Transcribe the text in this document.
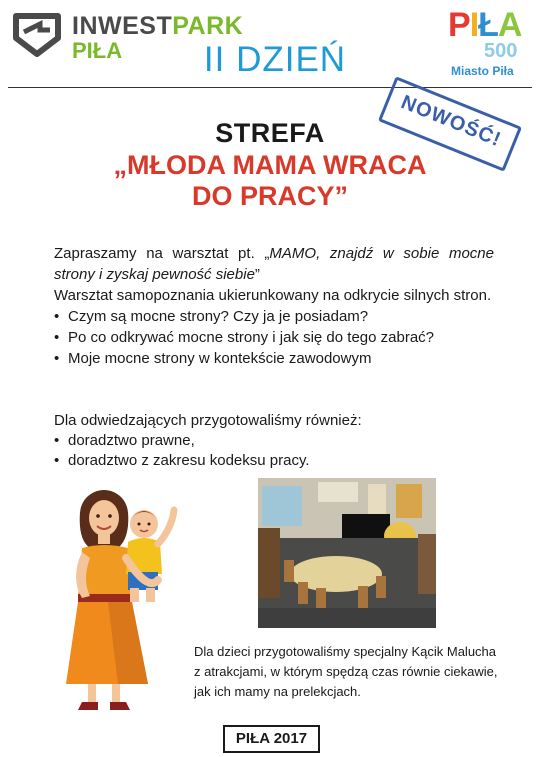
INWESTPARK
PIŁA	II DZIEŃ
PIŁA
500
Miasto Piła
NOWOŚĆ!
STREFA
„MŁODA MAMA WRACA
DO PRACY”

Zapraszamy na warsztat pt. „MAMO, znajdź w sobie mocne strony i zyskaj pewność siebie”

Warsztat samopoznania ukierunkowany na odkrycie silnych stron.

• Czym są mocne strony? Czy ja je posiadam?
• Po co odkrywać mocne strony i jak się do tego zabrać?
• Moje mocne strony w kontekście zawodowym

Dla odwiedzających przygotowaliśmy również:

• doradztwo prawne,
• doradztwo z zakresu kodeksu pracy.

Dla dzieci przygotowaliśmy specjalny Kącik Malucha

z atrakcjami, w którym spędzą czas równie ciekawie,

jak ich mamy na prelekcjach.

PIŁA 2017
